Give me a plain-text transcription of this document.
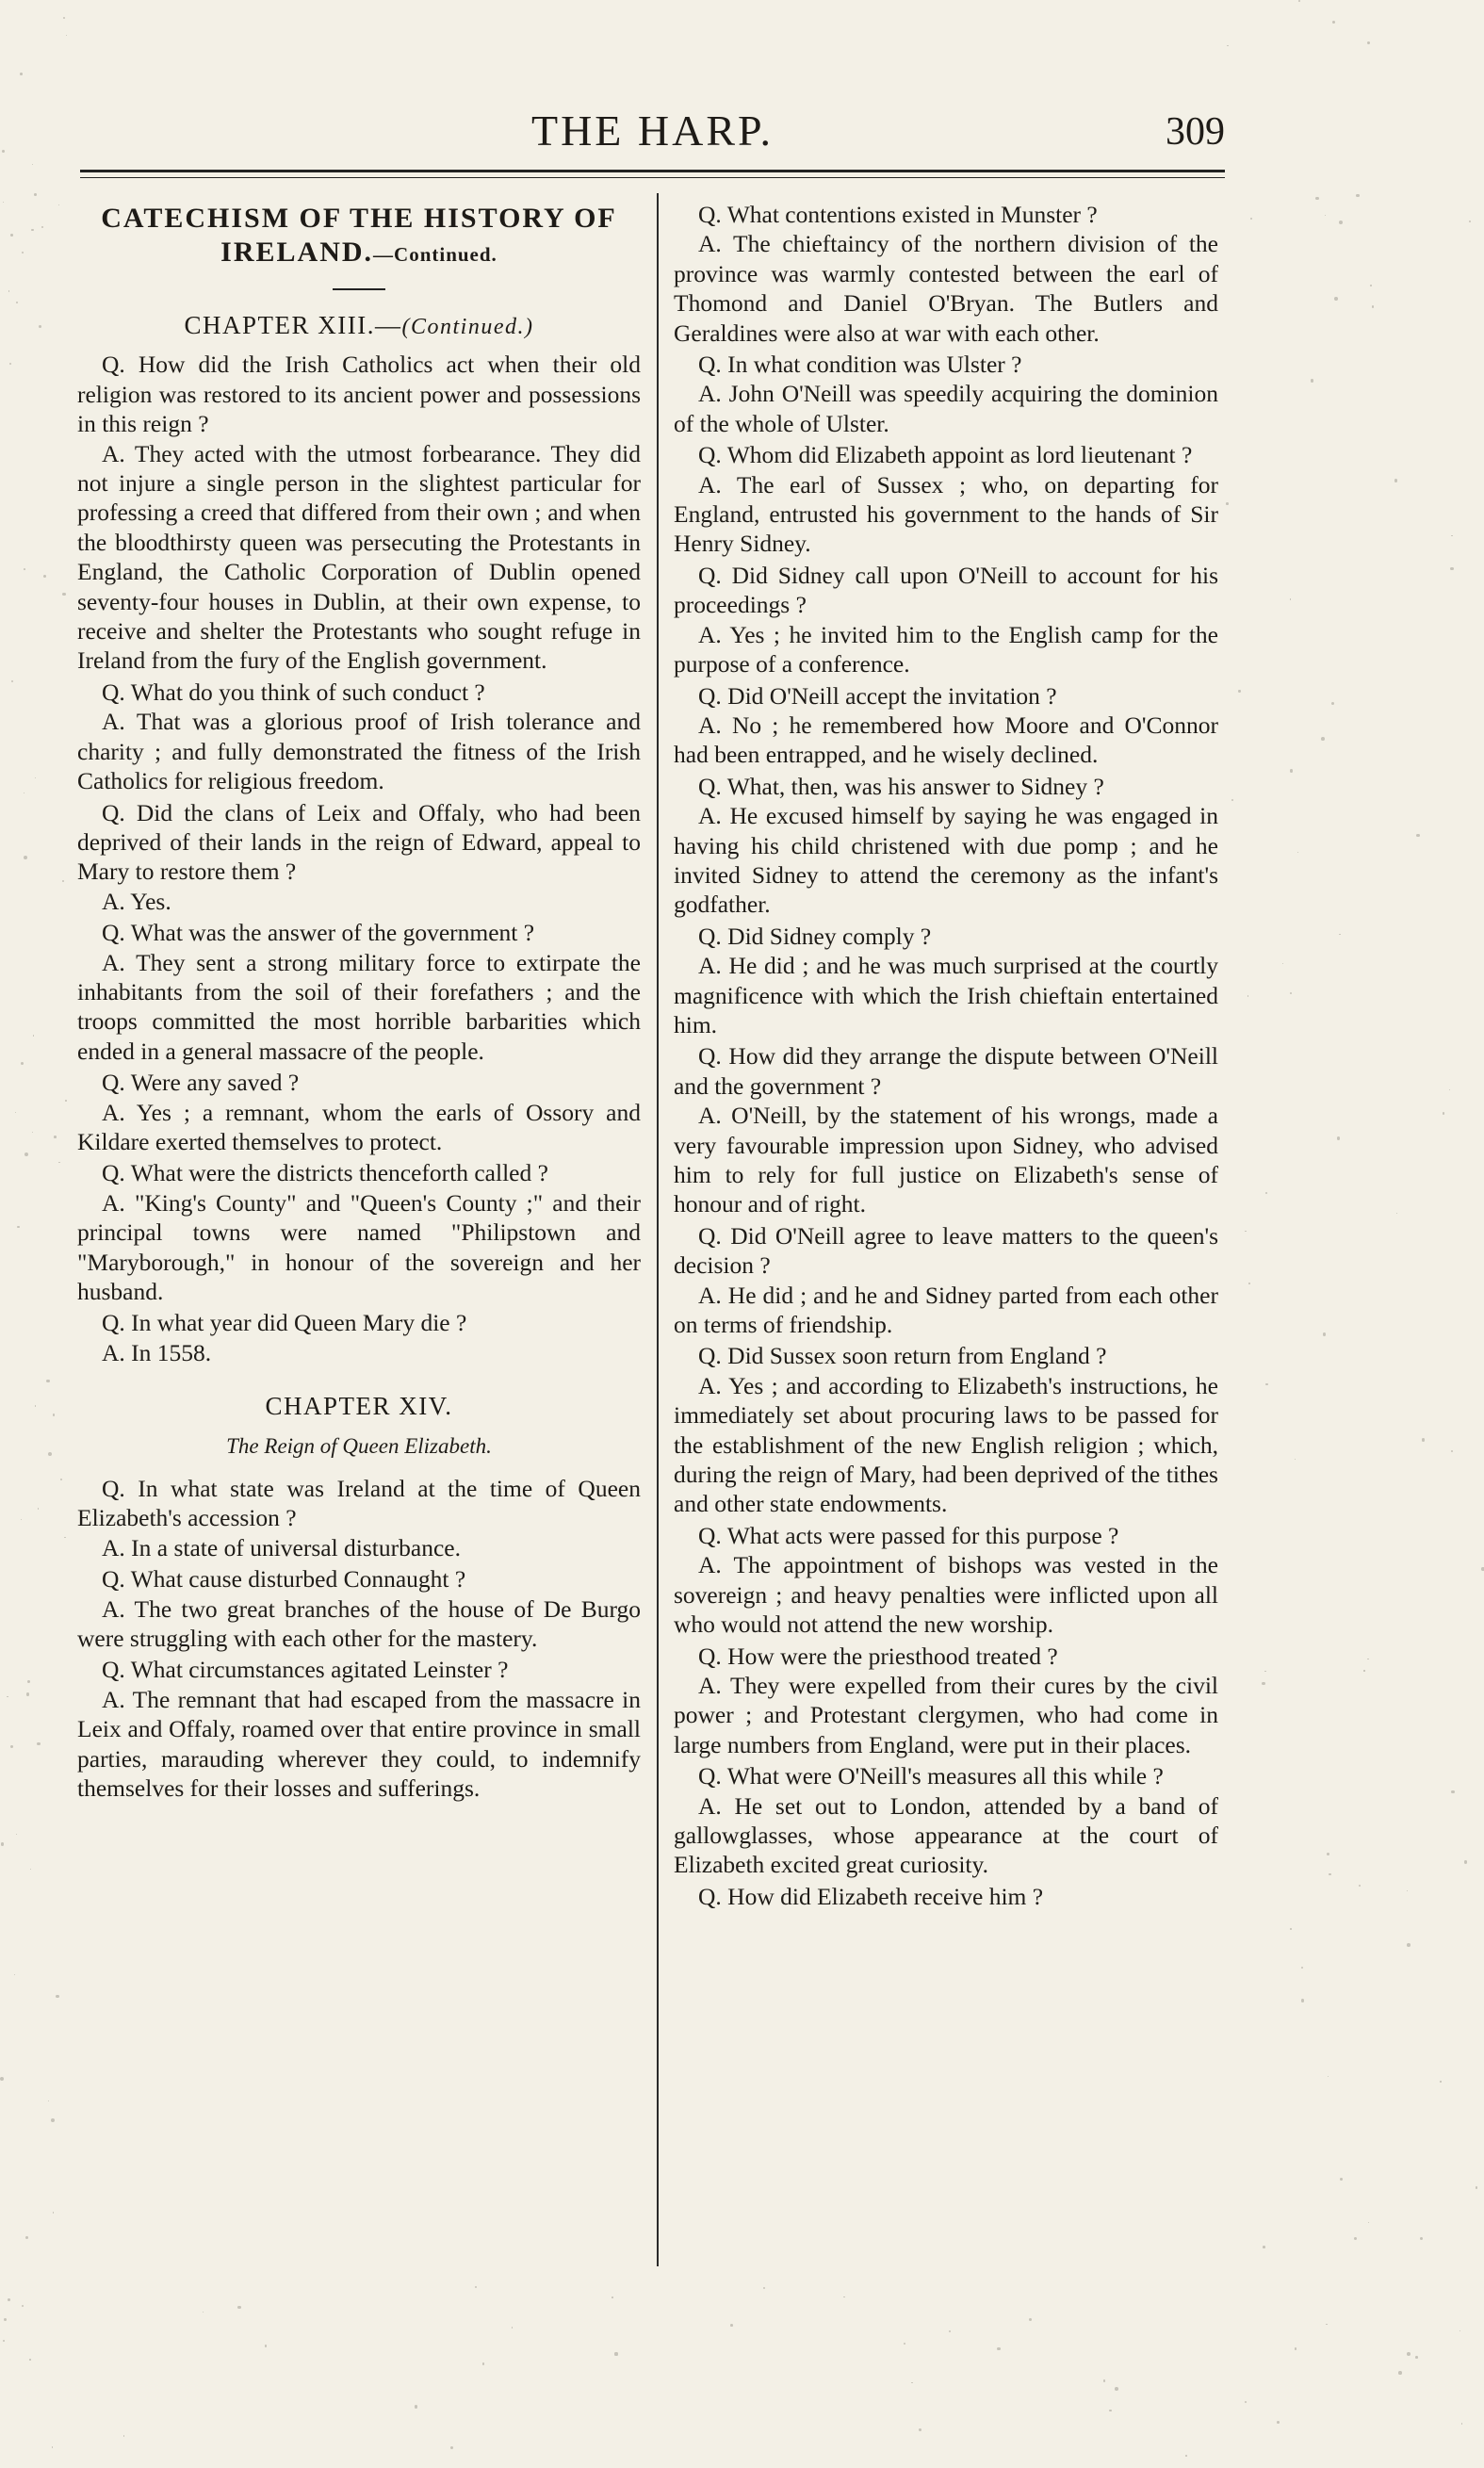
THE HARP.	309
CATECHISM OF THE HISTORY OF
IRELAND.—Continued.
CHAPTER XIII.—(Continued.)

Q. How did the Irish Catholics act when their old religion was restored to its ancient power and possessions in this reign ?

A. They acted with the utmost forbearance. They did not injure a single person in the slightest particular for professing a creed that differed from their own ; and when the bloodthirsty queen was persecuting the Protestants in England, the Catholic Corporation of Dublin opened seventy-four houses in Dublin, at their own expense, to receive and shelter the Protestants who sought refuge in Ireland from the fury of the English government.

Q. What do you think of such conduct ?

A. That was a glorious proof of Irish tolerance and charity ; and fully demonstrated the fitness of the Irish Catholics for religious freedom.

Q. Did the clans of Leix and Offaly, who had been deprived of their lands in the reign of Edward, appeal to Mary to restore them ?

A. Yes.

Q. What was the answer of the government ?

A. They sent a strong military force to extirpate the inhabitants from the soil of their forefathers ; and the troops committed the most horrible barbarities which ended in a general massacre of the people.

Q. Were any saved ?

A. Yes ; a remnant, whom the earls of Ossory and Kildare exerted themselves to protect.

Q. What were the districts thenceforth called ?

A. "King's County" and "Queen's County ;" and their principal towns were named "Philipstown and "Maryborough," in honour of the sovereign and her husband.

Q. In what year did Queen Mary die ?

A. In 1558.

CHAPTER XIV.
The Reign of Queen Elizabeth.

Q. In what state was Ireland at the time of Queen Elizabeth's accession ?

A. In a state of universal disturbance.

Q. What cause disturbed Connaught ?

A. The two great branches of the house of De Burgo were struggling with each other for the mastery.

Q. What circumstances agitated Leinster ?

A. The remnant that had escaped from the massacre in Leix and Offaly, roamed over that entire province in small parties, marauding wherever they could, to indemnify themselves for their losses and sufferings.

Q. What contentions existed in Munster ?

A. The chieftaincy of the northern division of the province was warmly contested between the earl of Thomond and Daniel O'Bryan. The Butlers and Geraldines were also at war with each other.

Q. In what condition was Ulster ?

A. John O'Neill was speedily acquiring the dominion of the whole of Ulster.

Q. Whom did Elizabeth appoint as lord lieutenant ?

A. The earl of Sussex ; who, on departing for England, entrusted his government to the hands of Sir Henry Sidney.

Q. Did Sidney call upon O'Neill to account for his proceedings ?

A. Yes ; he invited him to the English camp for the purpose of a conference.

Q. Did O'Neill accept the invitation ?

A. No ; he remembered how Moore and O'Connor had been entrapped, and he wisely declined.

Q. What, then, was his answer to Sidney ?

A. He excused himself by saying he was engaged in having his child christened with due pomp ; and he invited Sidney to attend the ceremony as the infant's godfather.

Q. Did Sidney comply ?

A. He did ; and he was much surprised at the courtly magnificence with which the Irish chieftain entertained him.

Q. How did they arrange the dispute between O'Neill and the government ?

A. O'Neill, by the statement of his wrongs, made a very favourable impression upon Sidney, who advised him to rely for full justice on Elizabeth's sense of honour and of right.

Q. Did O'Neill agree to leave matters to the queen's decision ?

A. He did ; and he and Sidney parted from each other on terms of friendship.

Q. Did Sussex soon return from England ?

A. Yes ; and according to Elizabeth's instructions, he immediately set about procuring laws to be passed for the establishment of the new English religion ; which, during the reign of Mary, had been deprived of the tithes and other state endowments.

Q. What acts were passed for this purpose ?

A. The appointment of bishops was vested in the sovereign ; and heavy penalties were inflicted upon all who would not attend the new worship.

Q. How were the priesthood treated ?

A. They were expelled from their cures by the civil power ; and Protestant clergymen, who had come in large numbers from England, were put in their places.

Q. What were O'Neill's measures all this while ?

A. He set out to London, attended by a band of gallowglasses, whose appearance at the court of Elizabeth excited great curiosity.

Q. How did Elizabeth receive him ?
